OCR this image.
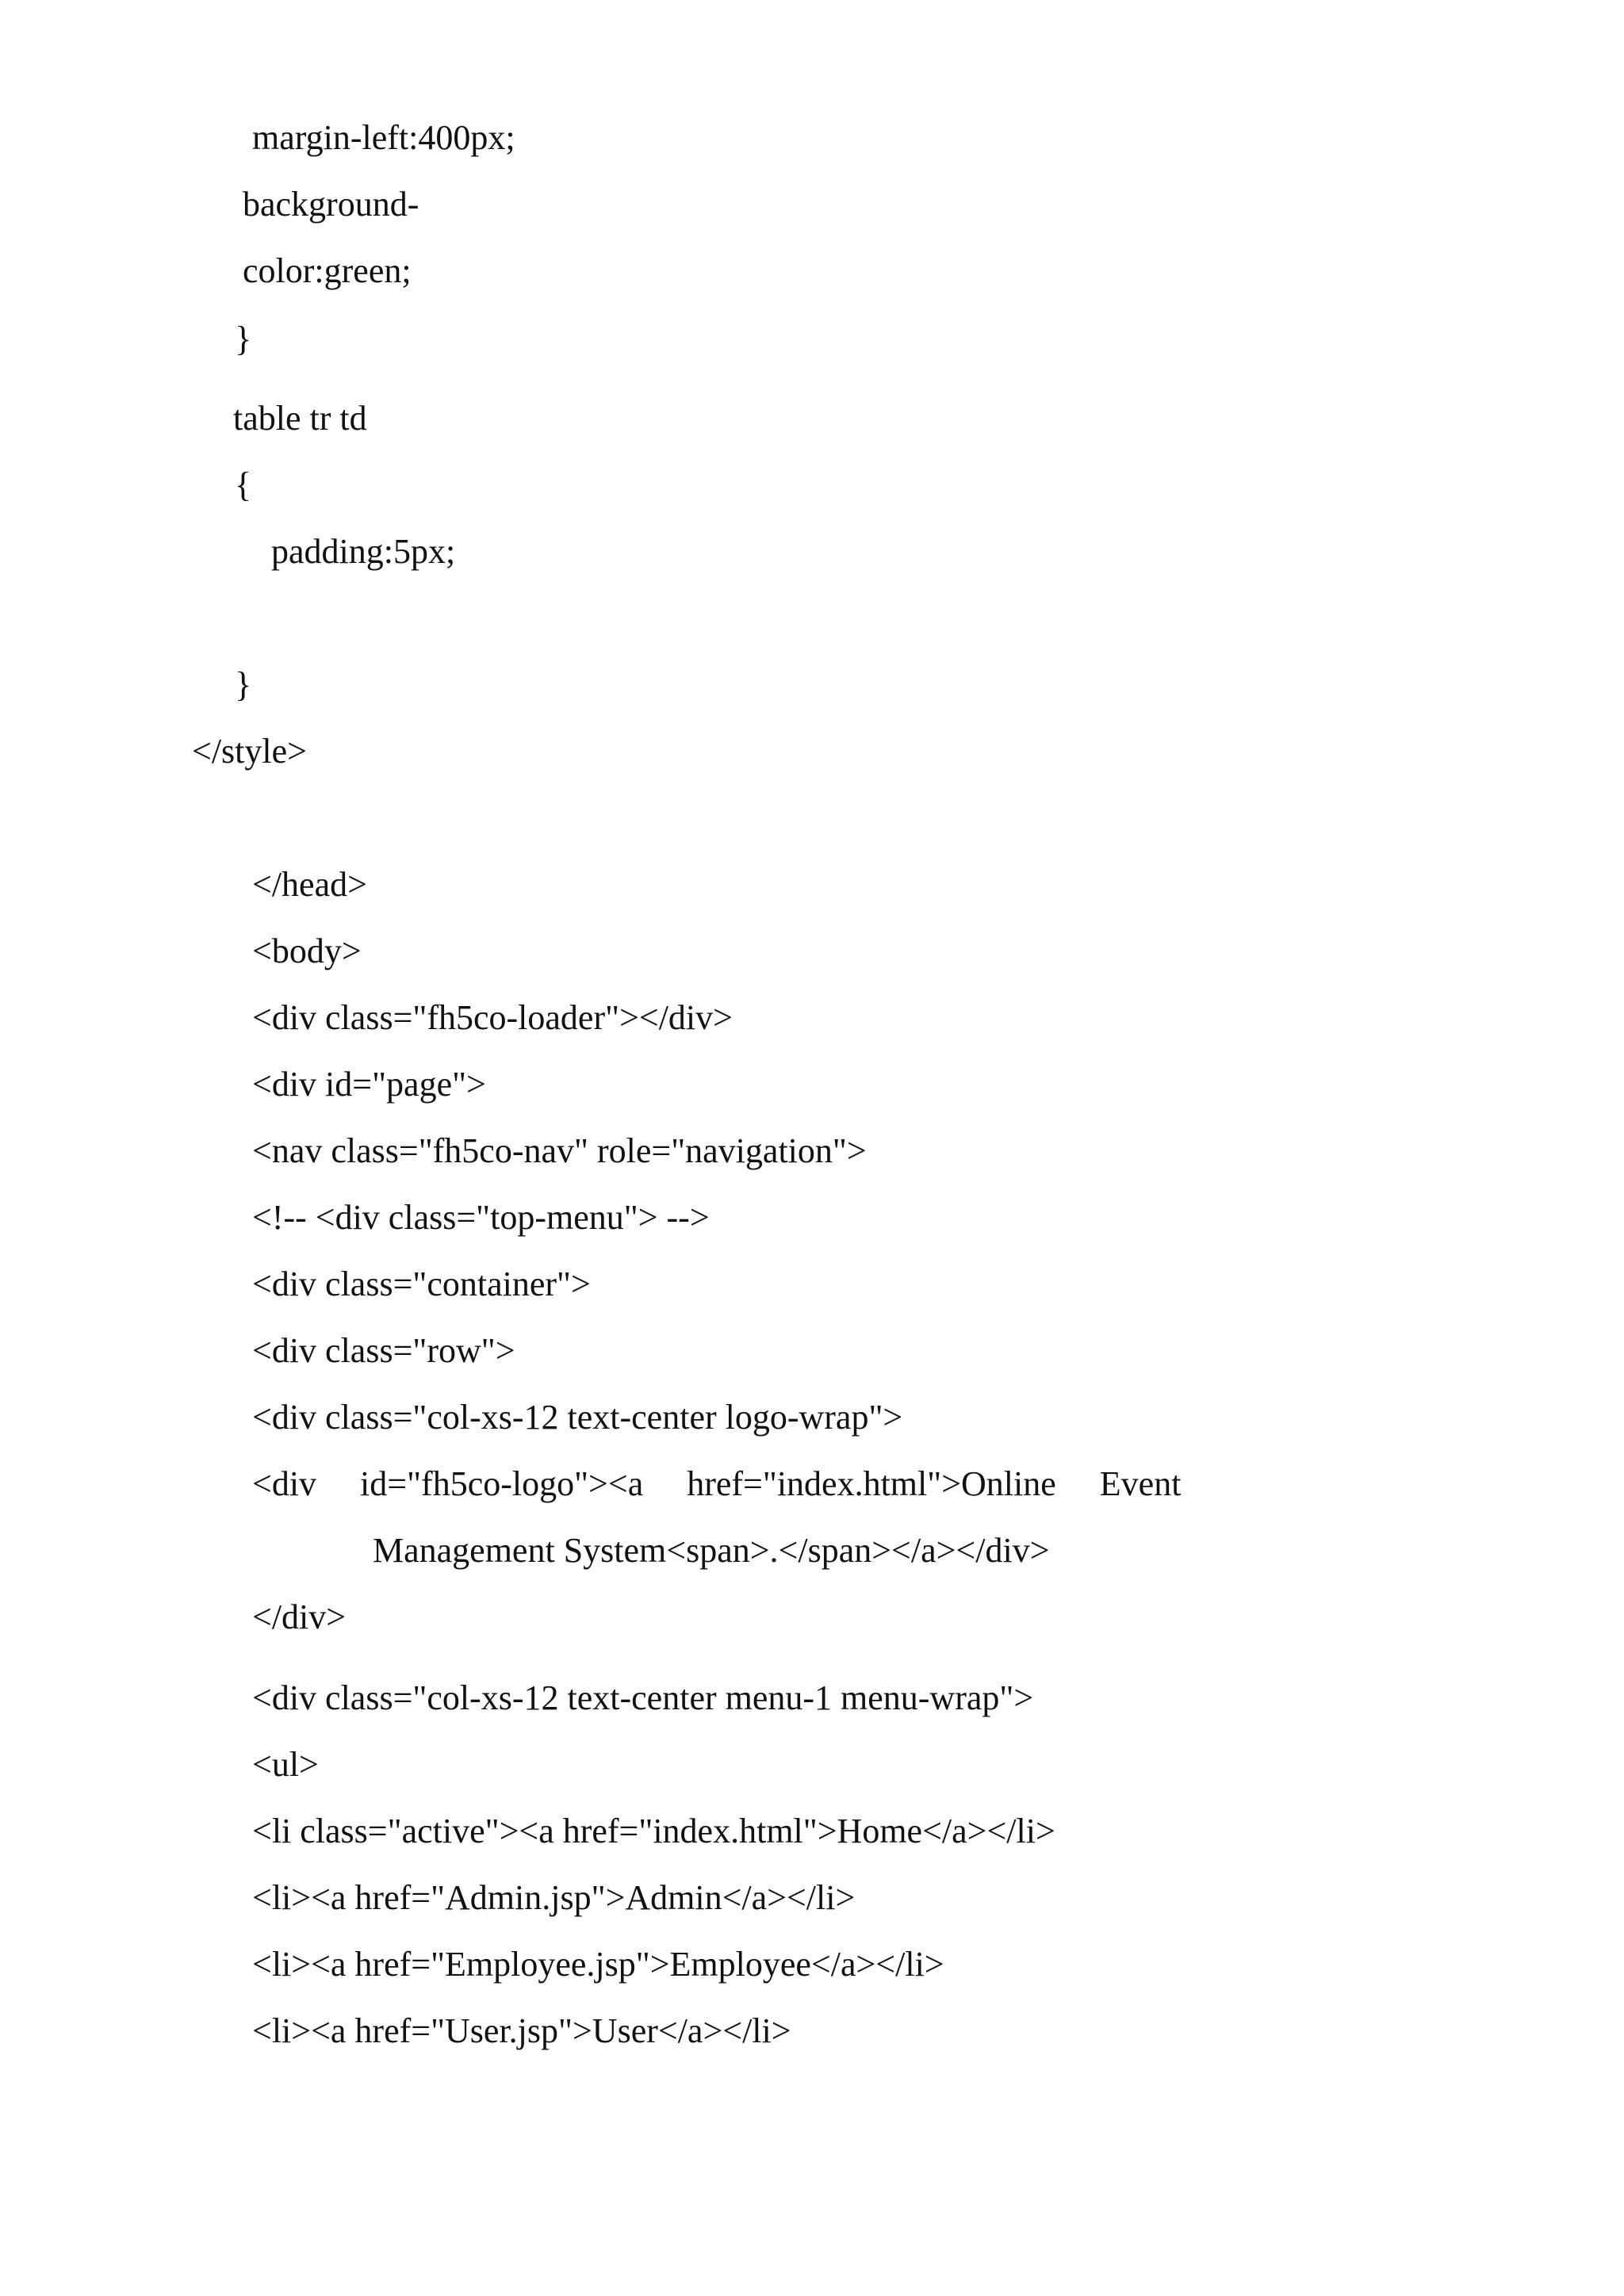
margin-left:400px;
background-
color:green;
}
table tr td
{
padding:5px;
}
</style>
</head>
<body>
<div class="fh5co-loader"></div>
<div id="page">
<nav class="fh5co-nav" role="navigation">
<!-- <div class="top-menu"> -->
<div class="container">
<div class="row">
<div class="col-xs-12 text-center logo-wrap">
<div     id="fh5co-logo"><a     href="index.html">Online     Event
Management System<span>.</span></a></div>
</div>
<div class="col-xs-12 text-center menu-1 menu-wrap">
<ul>
<li class="active"><a href="index.html">Home</a></li>
<li><a href="Admin.jsp">Admin</a></li>
<li><a href="Employee.jsp">Employee</a></li>
<li><a href="User.jsp">User</a></li>
